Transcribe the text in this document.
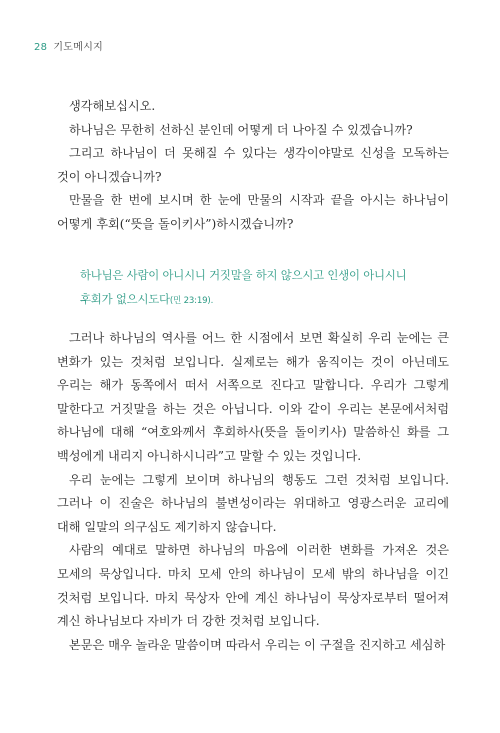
28 기도메시지

생각해보십시오.

하나님은 무한히 선하신 분인데 어떻게 더 나아질 수 있겠습니까?

그리고 하나님이 더 못해질 수 있다는 생각이야말로 신성을 모독하는 것이 아니겠습니까?

만물을 한 번에 보시며 한 눈에 만물의 시작과 끝을 아시는 하나님이 어떻게 후회(“뜻을 돌이키사”)하시겠습니까?

하나님은 사람이 아니시니 거짓말을 하지 않으시고 인생이 아니시니
후회가 없으시도다(민 23:19).

그러나 하나님의 역사를 어느 한 시점에서 보면 확실히 우리 눈에는 큰 변화가 있는 것처럼 보입니다. 실제로는 해가 움직이는 것이 아닌데도 우리는 해가 동쪽에서 떠서 서쪽으로 진다고 말합니다. 우리가 그렇게 말한다고 거짓말을 하는 것은 아닙니다. 이와 같이 우리는 본문에서처럼 하나님에 대해 “여호와께서 후회하사(뜻을 돌이키사) 말씀하신 화를 그 백성에게 내리지 아니하시니라”고 말할 수 있는 것입니다.

우리 눈에는 그렇게 보이며 하나님의 행동도 그런 것처럼 보입니다. 그러나 이 진술은 하나님의 불변성이라는 위대하고 영광스러운 교리에 대해 일말의 의구심도 제기하지 않습니다.

사람의 예대로 말하면 하나님의 마음에 이러한 변화를 가져온 것은 모세의 묵상입니다. 마치 모세 안의 하나님이 모세 밖의 하나님을 이긴 것처럼 보입니다. 마치 묵상자 안에 계신 하나님이 묵상자로부터 떨어져 계신 하나님보다 자비가 더 강한 것처럼 보입니다.

본문은 매우 놀라운 말씀이며 따라서 우리는 이 구절을 진지하고 세심하
